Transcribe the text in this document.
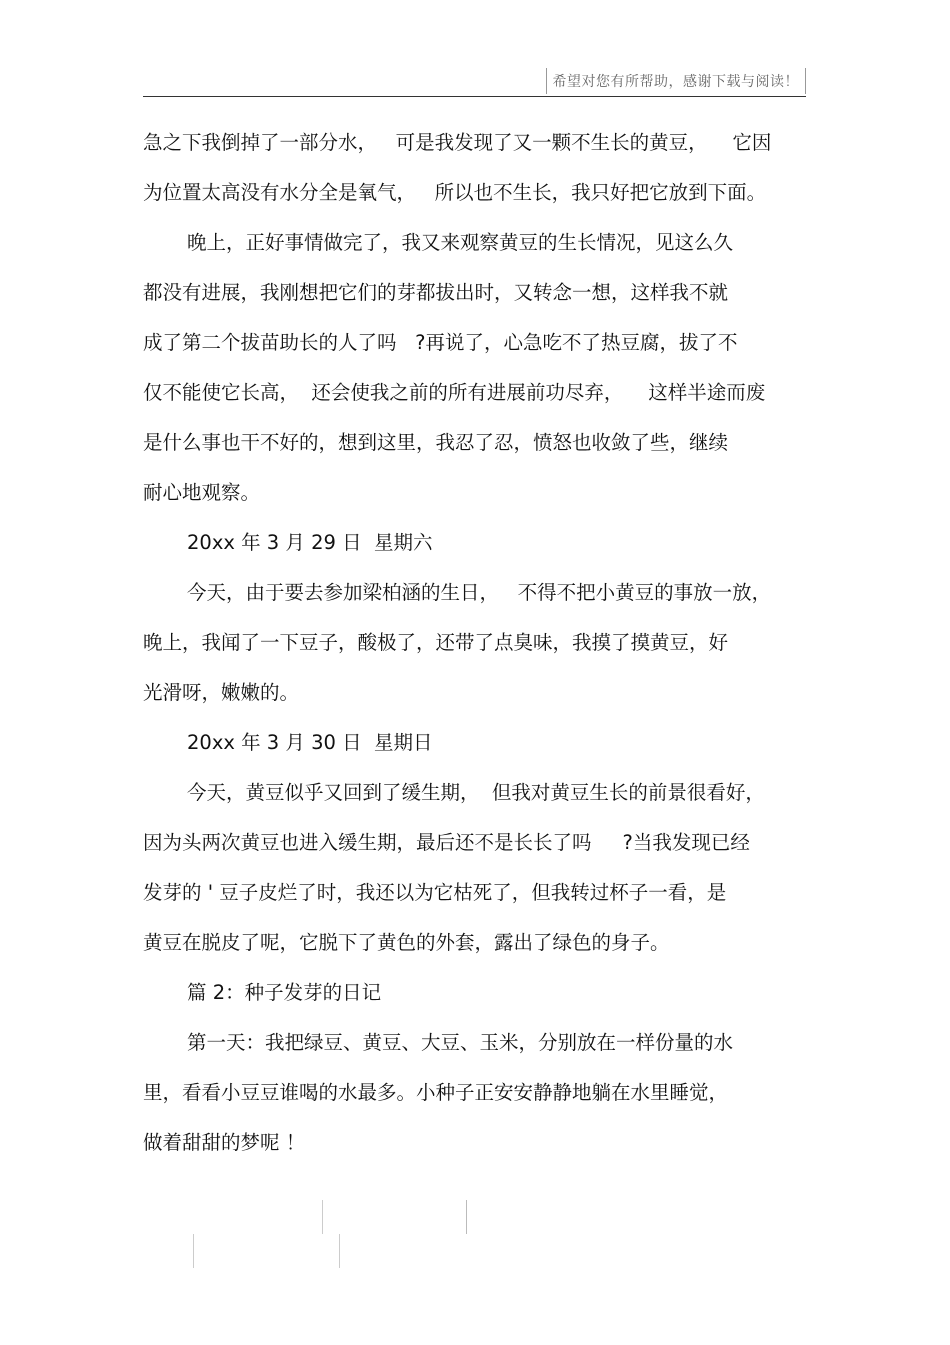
希望对您有所帮助，感谢下载与阅读！
急之下我倒掉了一部分水，   可是我发现了又一颗不生长的黄豆，    它因
为位置太高没有水分全是氧气，   所以也不生长，我只好把它放到下面。
晚上，正好事情做完了，我又来观察黄豆的生长情况，见这么久
都没有进展，我刚想把它们的芽都拔出时，又转念一想，这样我不就
成了第二个拔苗助长的人了吗   ?再说了，心急吃不了热豆腐，拔了不
仅不能使它长高，  还会使我之前的所有进展前功尽弃，    这样半途而废
是什么事也干不好的，想到这里，我忍了忍，愤怒也收敛了些，继续
耐心地观察。
20xx 年 3 月 29 日  星期六
今天，由于要去参加梁柏涵的生日，   不得不把小黄豆的事放一放，
晚上，我闻了一下豆子，酸极了，还带了点臭味，我摸了摸黄豆，好
光滑呀，嫩嫩的。
20xx 年 3 月 30 日  星期日
今天，黄豆似乎又回到了缓生期，  但我对黄豆生长的前景很看好，
因为头两次黄豆也进入缓生期，最后还不是长长了吗     ?当我发现已经
发芽的 ' 豆子皮烂了时，我还以为它枯死了，但我转过杯子一看，是
黄豆在脱皮了呢，它脱下了黄色的外套，露出了绿色的身子。
篇 2：种子发芽的日记
第一天：我把绿豆、黄豆、大豆、玉米，分别放在一样份量的水
里，看看小豆豆谁喝的水最多。小种子正安安静静地躺在水里睡觉，
做着甜甜的梦呢 ！
